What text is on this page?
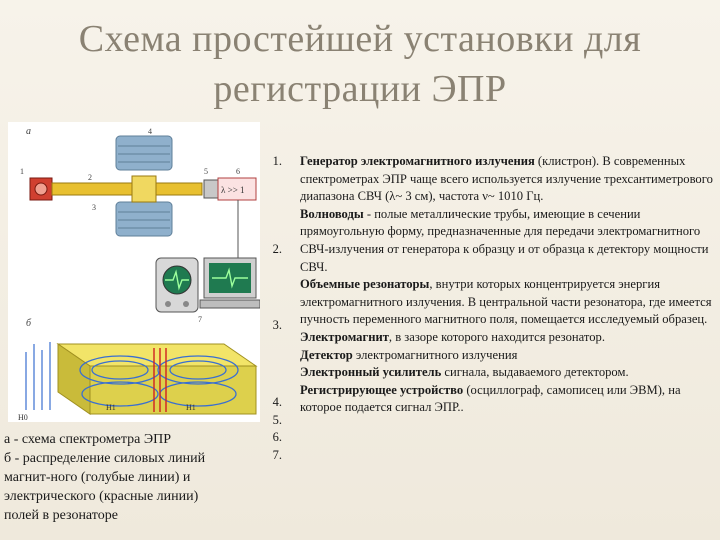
Схема простейшей установки для
регистрации ЭПР
а	4
1
2
3
5
λ >> 1
6
7
б
H0
H1	H1
а - схема спектрометра ЭПР
б - распределение силовых линий
магнит-ного (голубые линии) и
электрического (красные линии)
полей в резонаторе
1.
2.
3.
4.
5.
6.
7.

Генератор электромагнитного излучения (клистрон). В современных спектрометрах ЭПР чаще всего используется излучение трехсантиметрового диапазона СВЧ (λ~ 3 см), частота ν~ 1010 Гц.

Волноводы - полые металлические трубы, имеющие в сечении прямоугольную форму, предназначенные для передачи электромагнитного СВЧ-излучения от генератора к образцу и от образца к детектору мощности СВЧ.

Объемные резонаторы, внутри которых концентрируется энергия электромагнитного излучения. В центральной части резонатора, где имеется пучность переменного магнитного поля, помещается исследуемый образец.

Электромагнит, в зазоре которого находится резонатор.

Детектор электромагнитного излучения

Электронный усилитель сигнала, выдаваемого детектором.

Регистрирующее устройство (осциллограф, самописец или ЭВМ), на которое подается сигнал ЭПР..
